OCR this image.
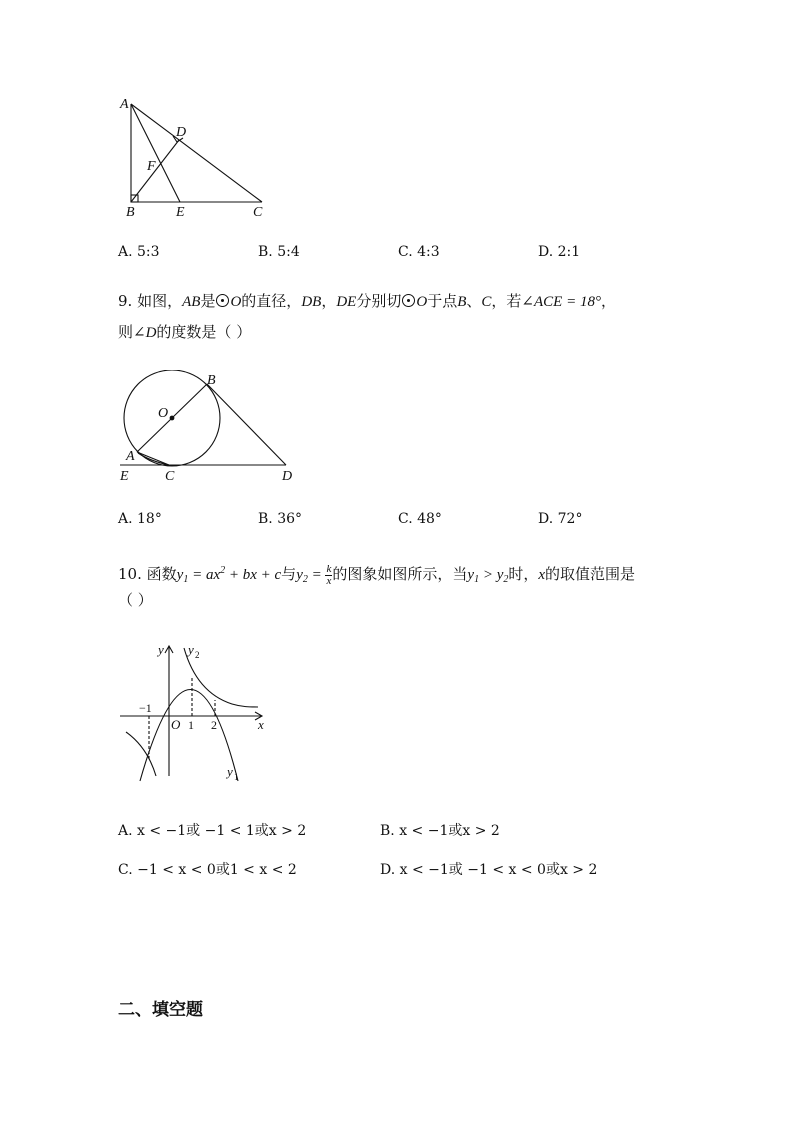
A
D
F
B	E	C
A. 5:3	B. 5:4	C. 4:3	D. 2:1
9. 如图，AB是 O的直径，DB，DE分别切 O于点B、C，若∠ACE = 18°，
则∠D的度数是（ ）
B
O
A
E	C	D
A. 18°	B. 36°	C. 48°	D. 72°
10. 函数$y_1 = ax^2$ + bx + c与$y_2 = \frac{k}{x}$ 的图象如图所示，当$y_1 > y_2$时，x的取值范围是
（ ）
y y 2
−1
O 1 2	x
y 1
A. x < −1或 −1 < 1或x > 2	B. x < −1或x > 2
C. −1 < x < 0或1 < x < 2	D. x < −1或 −1 < x < 0或x > 2
二、填空题
